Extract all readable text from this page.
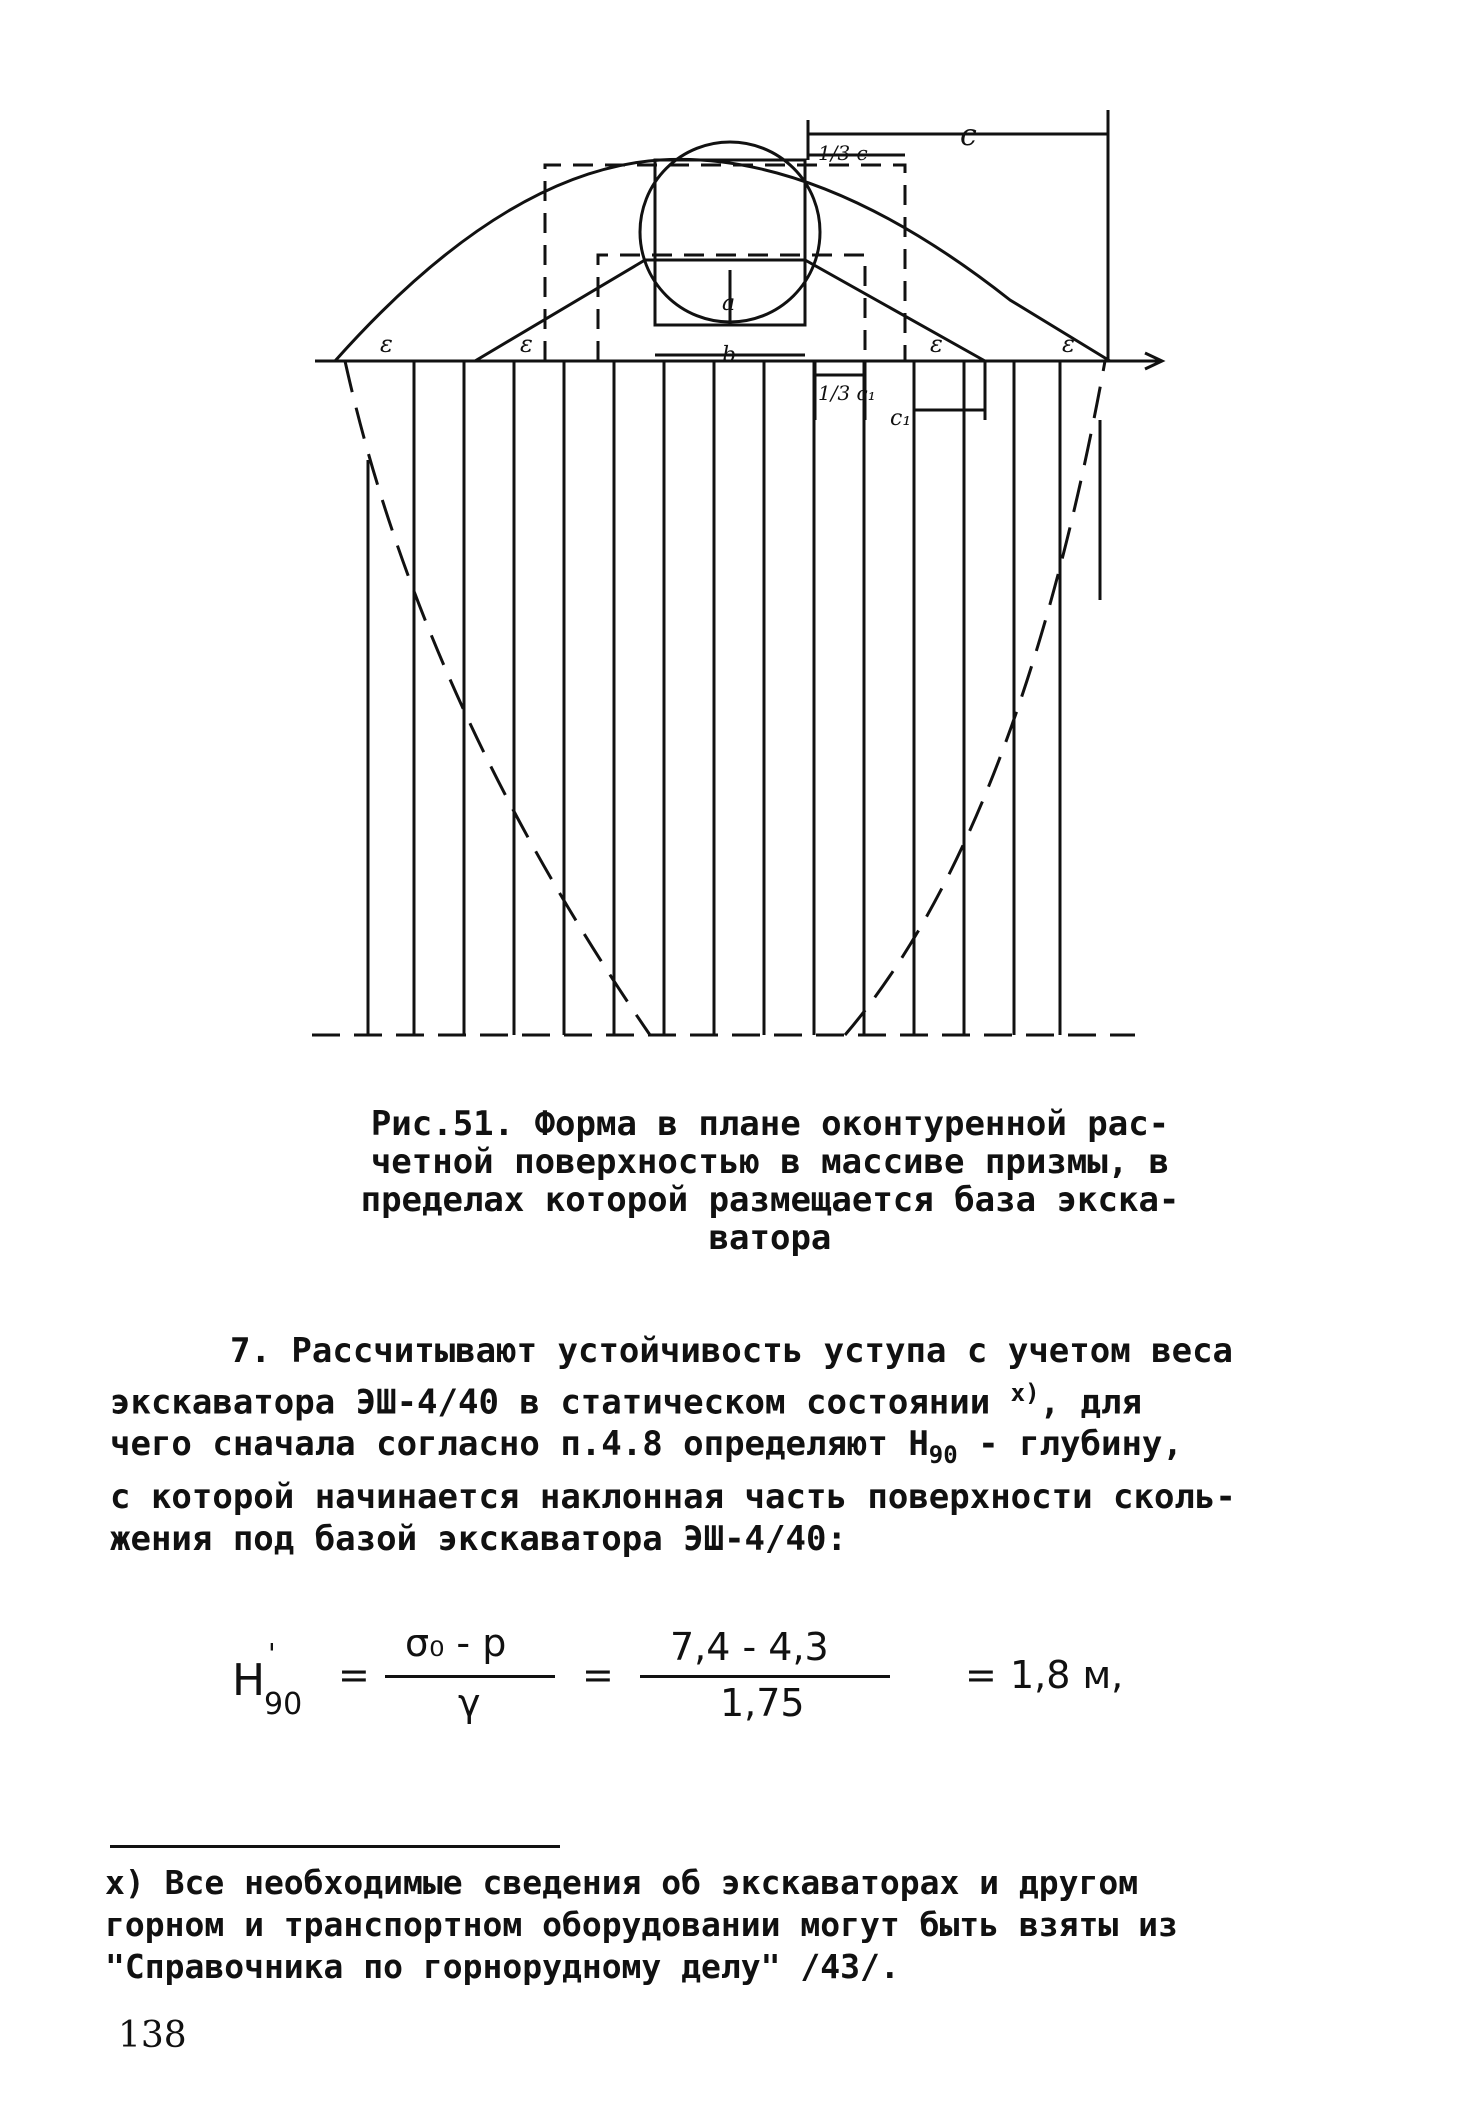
c
1/3 c
a
b
ε	ε	ε	ε
1/3 c₁
c₁
Рис.51. Форма в плане оконтуренной рас-
четной поверхностью в массиве призмы, в
пределах которой размещается база экска-
ватора
7. Рассчитывают устойчивость уступа с учетом веса
экскаватора ЭШ-4/40 в статическом состоянии $^{x)}$, для
чего сначала согласно п.4.8 определяют $H_{90}$ - глубину,
с которой начинается наклонная часть поверхности сколь-
жения под базой экскаватора ЭШ-4/40:
H
'
90
=
σ₀ - p
γ
=
7,4 - 4,3
1,75
= 1,8 м,
x) Все необходимые сведения об экскаваторах и другом
горном и транспортном оборудовании могут быть взяты из
"Справочника по горнорудному делу" /43/.
138
